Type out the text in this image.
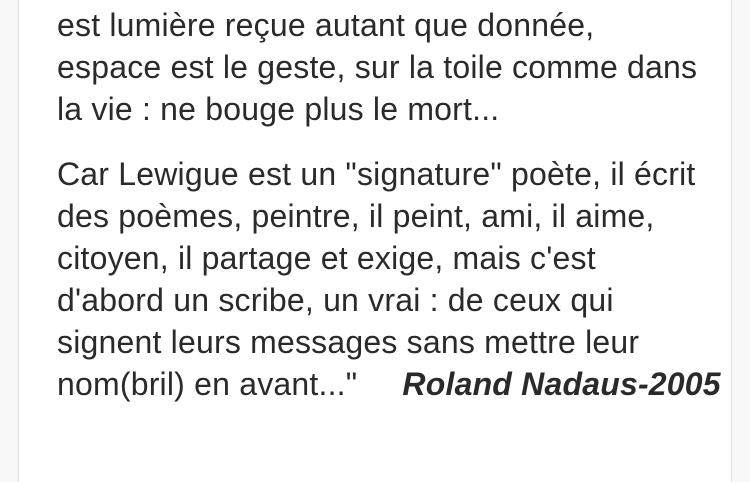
est lumière reçue autant que donnée,
espace est le geste, sur la toile comme dans
la vie : ne bouge plus le mort...

Car Lewigue est un "signature" poète, il écrit
des poèmes, peintre, il peint, ami, il aime,
citoyen, il partage et exige, mais c'est
d'abord un scribe, un vrai : de ceux qui
signent leurs messages sans mettre leur
nom(bril) en avant..." Roland Nadaus-2005
